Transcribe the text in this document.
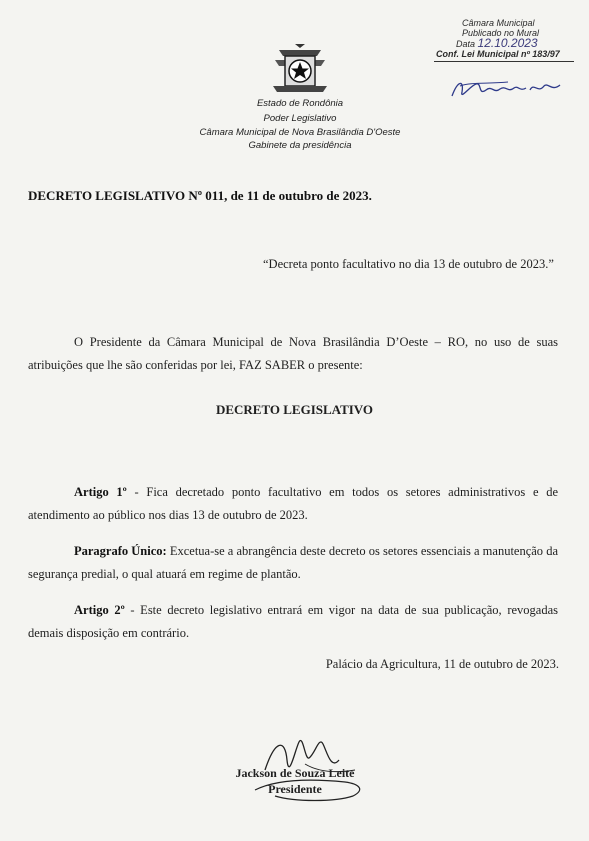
Câmara Municipal
Publicado no Mural
Data 12.10.2023
Conf. Lei Municipal nº 183/97
Estado de Rondônia
Poder Legislativo
Câmara Municipal de Nova Brasilândia D'Oeste
Gabinete da presidência
DECRETO LEGISLATIVO Nº 011, de 11 de outubro de 2023.
“Decreta ponto facultativo no dia 13 de outubro de 2023.”
O Presidente da Câmara Municipal de Nova Brasilândia D’Oeste – RO, no uso de suas atribuições que lhe são conferidas por lei, FAZ SABER o presente:
DECRETO LEGISLATIVO
Artigo 1º - Fica decretado ponto facultativo em todos os setores administrativos e de atendimento ao público nos dias 13 de outubro de 2023.
Paragrafo Único: Excetua-se a abrangência deste decreto os setores essenciais a manutenção da segurança predial, o qual atuará em regime de plantão.
Artigo 2º - Este decreto legislativo entrará em vigor na data de sua publicação, revogadas demais disposição em contrário.
Palácio da Agricultura, 11 de outubro de 2023.
Jackson de Souza Leite
Presidente
